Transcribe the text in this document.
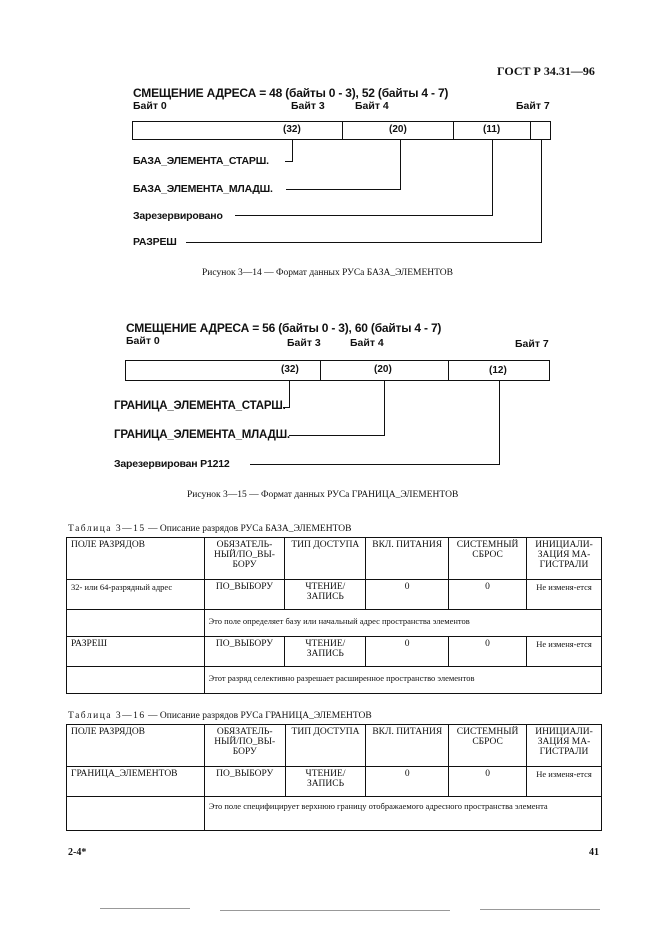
ГОСТ Р 34.31—96
СМЕЩЕНИЕ АДРЕСА = 48 (байты 0 - 3), 52 (байты 4 - 7)
Байт 0	Байт 3	Байт 4	Байт 7
(32)	(20)	(11)
БАЗА_ЭЛЕМЕНТА_СТАРШ.
БАЗА_ЭЛЕМЕНТА_МЛАДШ.
Зарезервировано
РАЗРЕШ
Рисунок 3—14 — Формат данных РУСа БАЗА_ЭЛЕМЕНТОВ
СМЕЩЕНИЕ АДРЕСА = 56 (байты 0 - 3), 60 (байты 4 - 7)
Байт 0	Байт 3	Байт 4	Байт 7
(32)	(20)	(12)
ГРАНИЦА_ЭЛЕМЕНТА_СТАРШ.
ГРАНИЦА_ЭЛЕМЕНТА_МЛАДШ.
Зарезервирован Р1212
Рисунок 3—15 — Формат данных РУСа ГРАНИЦА_ЭЛЕМЕНТОВ
Таблица 3—15 — Описание разрядов РУСа БАЗА_ЭЛЕМЕНТОВ
ПОЛЕ РАЗРЯДОВ	ОБЯЗАТЕЛЬ-НЫЙ/ПО_ВЫ-БОРУ	ТИП ДОСТУПА	ВКЛ. ПИТАНИЯ	СИСТЕМНЫЙ СБРОС	ИНИЦИАЛИ-ЗАЦИЯ МА-ГИСТРАЛИ
32- или 64-разрядный адрес	ПО_ВЫБОРУ	ЧТЕНИЕ/ ЗАПИСЬ	0	0	Не изменя-ется
	Это поле определяет базу или начальный адрес пространства элементов				
РАЗРЕШ	ПО_ВЫБОРУ	ЧТЕНИЕ/ ЗАПИСЬ	0	0	Не изменя-ется
	Этот разряд селективно разрешает расширенное пространство элементов				
Таблица 3—16 — Описание разрядов РУСа ГРАНИЦА_ЭЛЕМЕНТОВ
ПОЛЕ РАЗРЯДОВ	ОБЯЗАТЕЛЬ-НЫЙ/ПО_ВЫ-БОРУ	ТИП ДОСТУПА	ВКЛ. ПИТАНИЯ	СИСТЕМНЫЙ СБРОС	ИНИЦИАЛИ-ЗАЦИЯ МА-ГИСТРАЛИ
ГРАНИЦА_ЭЛЕМЕНТОВ	ПО_ВЫБОРУ	ЧТЕНИЕ/ ЗАПИСЬ	0	0	Не изменя-ется
	Это поле специфицирует верхнюю границу отображаемого адресного пространства элемента				
2-4*	41
